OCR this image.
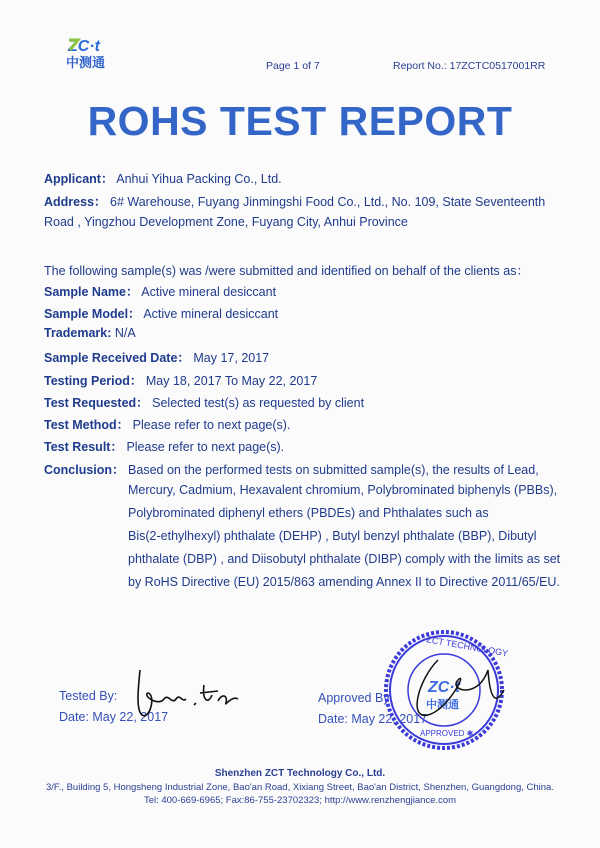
ZC·t
中测通	Page 1 of 7	Report No.: 17ZCTC0517001RR
ROHS TEST REPORT
Applicant： Anhui Yihua Packing Co., Ltd.
Address： 6# Warehouse, Fuyang Jinmingshi Food Co., Ltd., No. 109, State Seventeenth
Road , Yingzhou Development Zone, Fuyang City, Anhui Province
The following sample(s) was /were submitted and identified on behalf of the clients as：
Sample Name： Active mineral desiccant
Sample Model： Active mineral desiccant
Trademark: N/A
Sample Received Date： May 17, 2017
Testing Period： May 18, 2017 To May 22, 2017
Test Requested： Selected test(s) as requested by client
Test Method： Please refer to next page(s).
Test Result： Please refer to next page(s).
Conclusion： Based on the performed tests on submitted sample(s), the results of Lead,
Mercury, Cadmium, Hexavalent chromium, Polybrominated biphenyls (PBBs),
Polybrominated diphenyl ethers (PBDEs) and Phthalates such as
Bis(2-ethylhexyl) phthalate (DEHP) , Butyl benzyl phthalate (BBP), Dibutyl
phthalate (DBP) , and Diisobutyl phthalate (DIBP) comply with the limits as set
by RoHS Directive (EU) 2015/863 amending Annex II to Directive 2011/65/EU.
Tested By:
Date: May 22, 2017
Approved By
Date: May 22, 2017
ZC·t
中测通
APPROVED ✱
ZCT TECHNOLOGY
Shenzhen ZCT Technology Co., Ltd.
3/F., Building 5, Hongsheng Industrial Zone, Bao'an Road, Xixiang Street, Bao'an District, Shenzhen, Guangdong, China.
Tel: 400-669-6965; Fax:86-755-23702323; http://www.renzhengjiance.com
